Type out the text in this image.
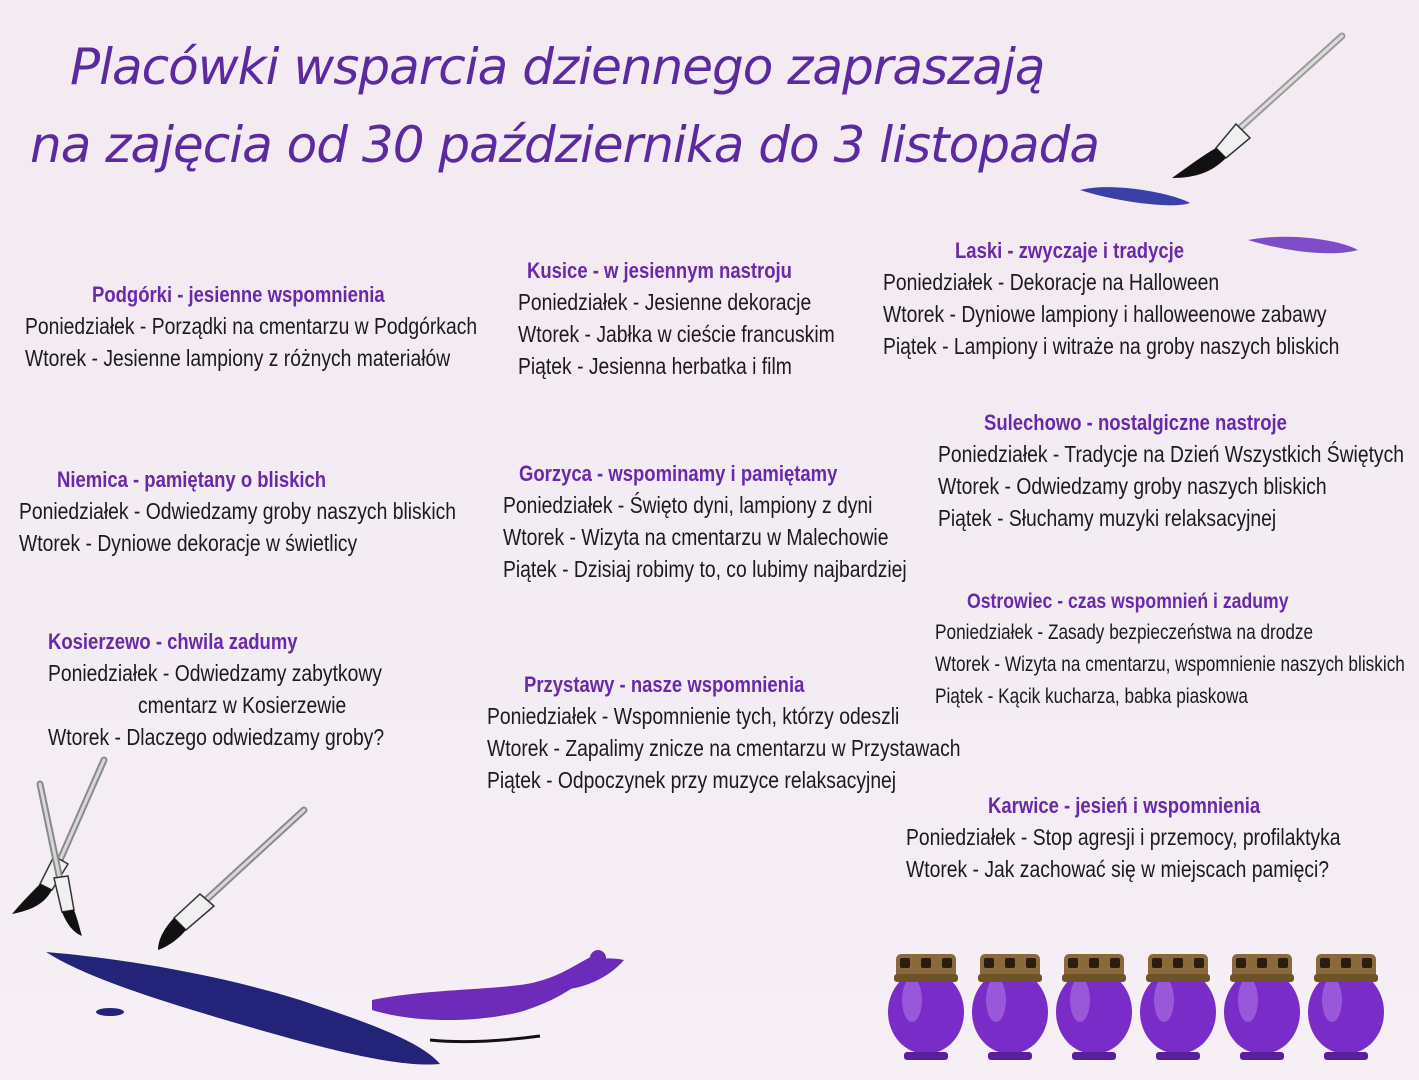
Placówki wsparcia dziennego zapraszają
na zajęcia od 30 października do 3 listopada
Podgórki - jesienne wspomnienia
Poniedziałek - Porządki na cmentarzu w Podgórkach
Wtorek - Jesienne lampiony z różnych materiałów
Kusice - w jesiennym nastroju
Poniedziałek - Jesienne dekoracje
Wtorek - Jabłka w cieście francuskim
Piątek - Jesienna herbatka i film
Laski - zwyczaje i tradycje
Poniedziałek - Dekoracje na Halloween
Wtorek - Dyniowe lampiony i halloweenowe zabawy
Piątek - Lampiony i witraże na groby naszych bliskich
Sulechowo - nostalgiczne nastroje
Poniedziałek - Tradycje na Dzień Wszystkich Świętych
Wtorek - Odwiedzamy groby naszych bliskich
Piątek - Słuchamy muzyki relaksacyjnej
Niemica - pamiętany o bliskich
Poniedziałek - Odwiedzamy groby naszych bliskich
Wtorek - Dyniowe dekoracje w świetlicy
Gorzyca - wspominamy i pamiętamy
Poniedziałek - Święto dyni, lampiony z dyni
Wtorek - Wizyta na cmentarzu w Malechowie
Piątek - Dzisiaj robimy to, co lubimy najbardziej
Ostrowiec - czas wspomnień i zadumy
Poniedziałek - Zasady bezpieczeństwa na drodze
Wtorek - Wizyta na cmentarzu, wspomnienie naszych bliskich
Piątek - Kącik kucharza, babka piaskowa
Kosierzewo - chwila zadumy
Poniedziałek - Odwiedzamy zabytkowy
cmentarz w Kosierzewie
Wtorek - Dlaczego odwiedzamy groby?
Przystawy - nasze wspomnienia
Poniedziałek - Wspomnienie tych, którzy odeszli
Wtorek - Zapalimy znicze na cmentarzu w Przystawach
Piątek - Odpoczynek przy muzyce relaksacyjnej
Karwice - jesień i wspomnienia
Poniedziałek - Stop agresji i przemocy, profilaktyka
Wtorek - Jak zachować się w miejscach pamięci?
